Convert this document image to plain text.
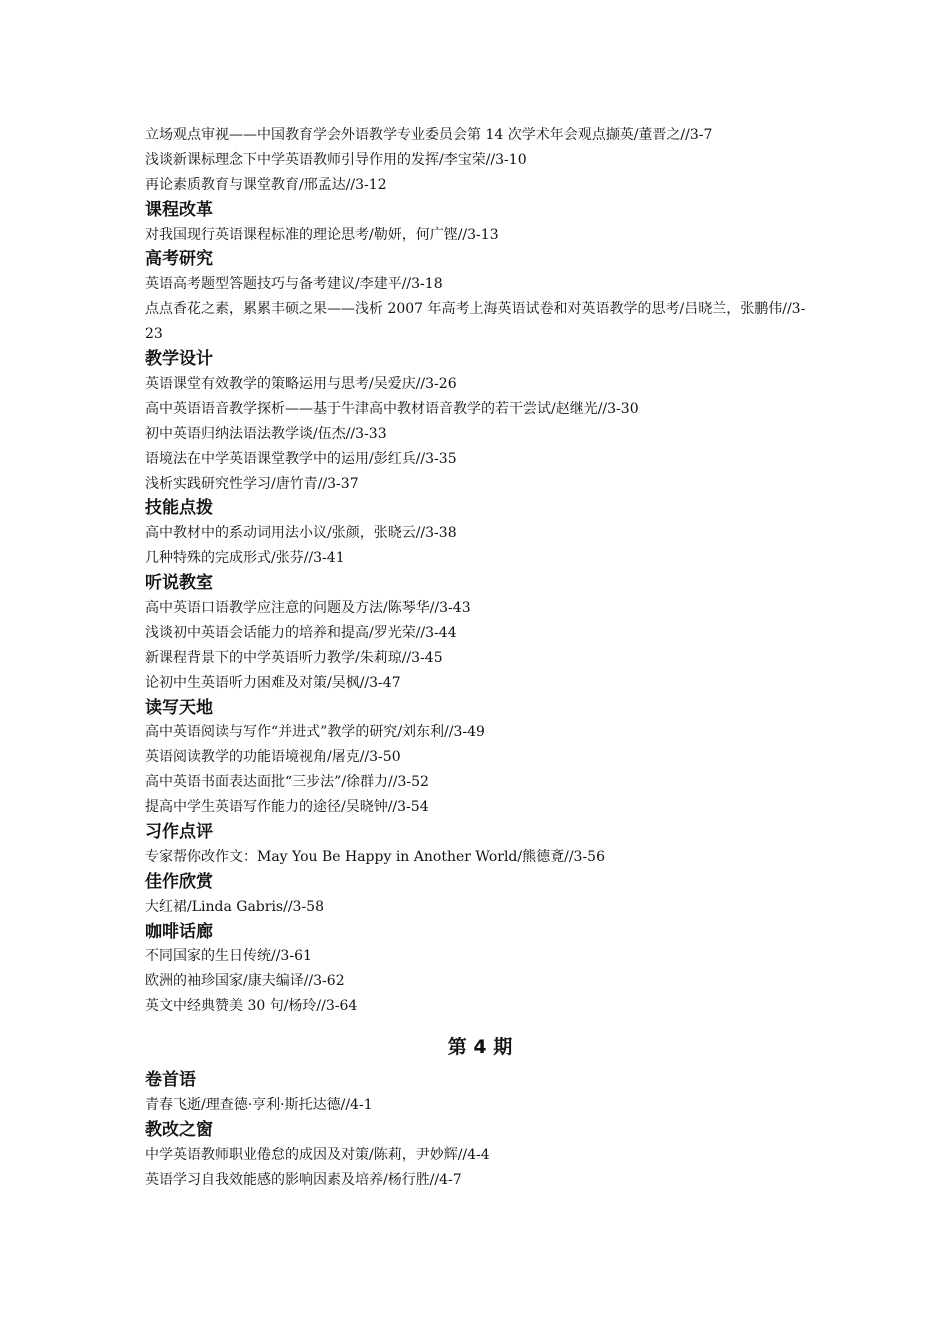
立场观点审视——中国教育学会外语教学专业委员会第 14 次学术年会观点撷英/董晋之//3-7
浅谈新课标理念下中学英语教师引导作用的发挥/李宝荣//3-10
再论素质教育与课堂教育/邢孟达//3-12
课程改革
对我国现行英语课程标准的理论思考/勒妍，何广铿//3-13
高考研究
英语高考题型答题技巧与备考建议/李建平//3-18
点点香花之素，累累丰硕之果——浅析 2007 年高考上海英语试卷和对英语教学的思考/吕晓兰，张鹏伟//3-23
教学设计
英语课堂有效教学的策略运用与思考/吴爱庆//3-26
高中英语语音教学探析——基于牛津高中教材语音教学的若干尝试/赵继光//3-30
初中英语归纳法语法教学谈/伍杰//3-33
语境法在中学英语课堂教学中的运用/彭红兵//3-35
浅析实践研究性学习/唐竹青//3-37
技能点拨
高中教材中的系动词用法小议/张颜，张晓云//3-38
几种特殊的完成形式/张芬//3-41
听说教室
高中英语口语教学应注意的问题及方法/陈琴华//3-43
浅谈初中英语会话能力的培养和提高/罗光荣//3-44
新课程背景下的中学英语听力教学/朱莉琼//3-45
论初中生英语听力困难及对策/吴枫//3-47
读写天地
高中英语阅读与写作“并进式”教学的研究/刘东利//3-49
英语阅读教学的功能语境视角/屠克//3-50
高中英语书面表达面批“三步法”/徐群力//3-52
提高中学生英语写作能力的途径/吴晓钟//3-54
习作点评
专家帮你改作文：May You Be Happy in Another World/熊德斍//3-56
佳作欣赏
大红裙/Linda Gabris//3-58
咖啡话廊
不同国家的生日传统//3-61
欧洲的袖珍国家/康夫编译//3-62
英文中经典赞美 30 句/杨玲//3-64
第 4 期
卷首语
青春飞逝/理查德·亨利·斯托达德//4-1
教改之窗
中学英语教师职业倦怠的成因及对策/陈莉，尹妙辉//4-4
英语学习自我效能感的影响因素及培养/杨行胜//4-7
